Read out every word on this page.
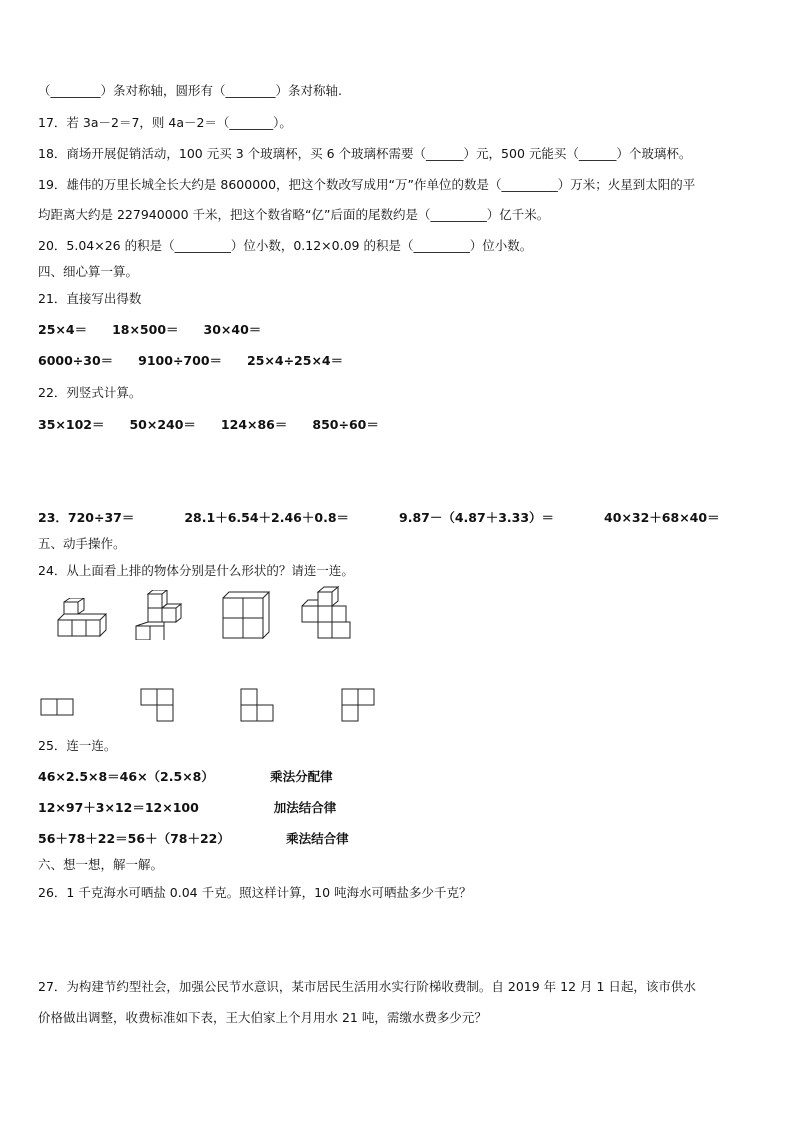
（________）条对称轴，圆形有（________）条对称轴.
17．若 3a－2＝7，则 4a－2＝（_______）。
18．商场开展促销活动，100 元买 3 个玻璃杯，买 6 个玻璃杯需要（______）元，500 元能买（______）个玻璃杯。
19．雄伟的万里长城全长大约是 8600000，把这个数改写成用“万”作单位的数是（_________）万米；火星到太阳的平
均距离大约是 227940000 千米，把这个数省略“亿”后面的尾数约是（_________）亿千米。
20．5.04×26 的积是（_________）位小数，0.12×0.09 的积是（_________）位小数。
四、细心算一算。
21．直接写出得数
25×4＝　　18×500＝　　30×40＝
6000÷30＝　　9100÷700＝　　25×4÷25×4＝
22．列竖式计算。
35×102＝　　50×240＝　　124×86＝　　850÷60＝
23．720÷37＝　　　　28.1＋6.54＋2.46＋0.8＝　　　　9.87－（4.87＋3.33）＝　　　　40×32＋68×40＝
五、动手操作。
24．从上面看上排的物体分别是什么形状的？请连一连。
25．连一连。
46×2.5×8＝46×（2.5×8）　　　　　乘法分配律
12×97＋3×12＝12×100　　　　　　加法结合律
56＋78＋22＝56＋（78＋22）　　　　　乘法结合律
六、想一想，解一解。
26．1 千克海水可晒盐 0.04 千克。照这样计算，10 吨海水可晒盐多少千克？
27．为构建节约型社会，加强公民节水意识，某市居民生活用水实行阶梯收费制。自 2019 年 12 月 1 日起，该市供水
价格做出调整，收费标准如下表，王大伯家上个月用水 21 吨，需缴水费多少元？
